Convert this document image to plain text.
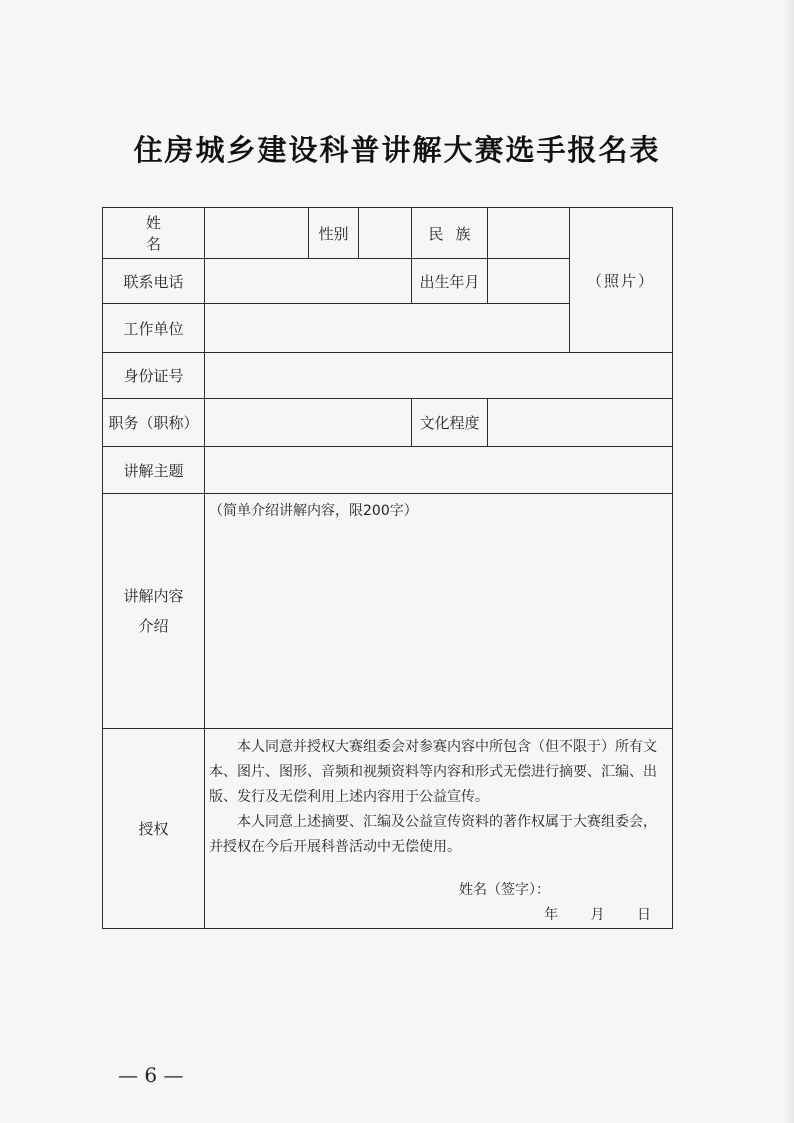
住房城乡建设科普讲解大赛选手报名表
姓名		性别		民族		（照片）
联系电话				出生年月		
工作单位						
身份证号						
职务（职称）				文化程度		
讲解主题						

讲解内容
介绍	（简单介绍讲解内容，限200字）					
授权	本人同意并授权大赛组委会对参赛内容中所包含（但不限于）所有文本、图片、图形、音频和视频资料等内容和形式无偿进行摘要、汇编、出版、发行及无偿利用上述内容用于公益宣传。

本人同意上述摘要、汇编及公益宣传资料的著作权属于大赛组委会，并授权在今后开展科普活动中无偿使用。

姓名（签字）：
年 月 日					
— 6 —
